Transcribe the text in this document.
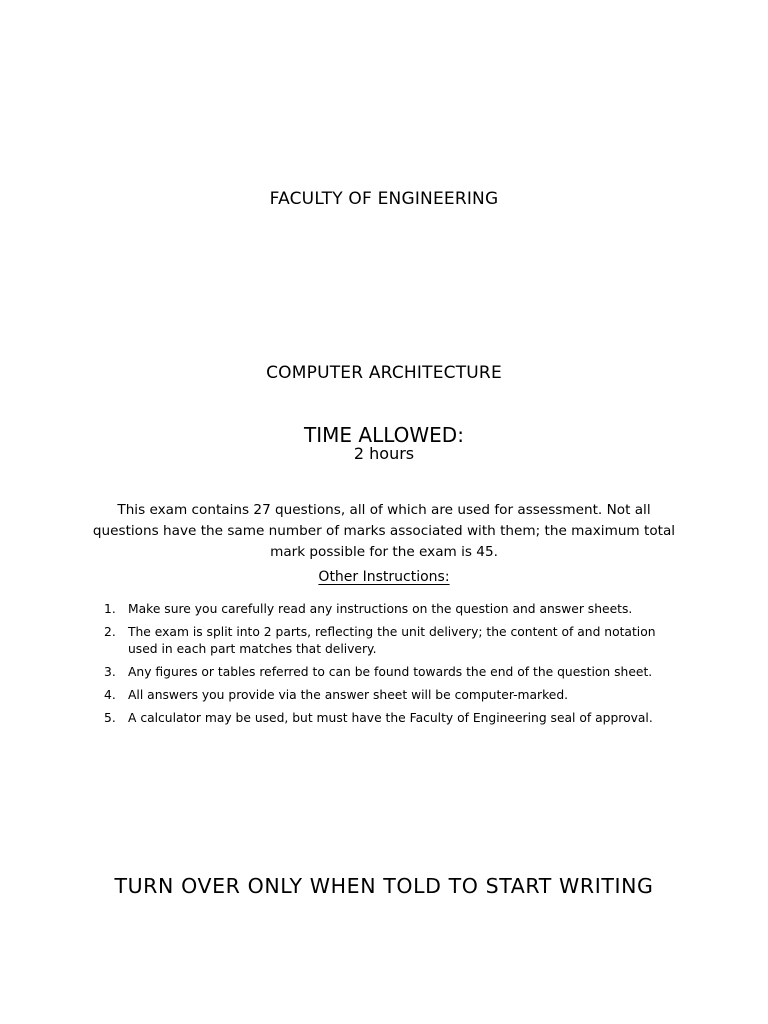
FACULTY OF ENGINEERING
COMPUTER ARCHITECTURE
TIME ALLOWED:
2 hours

This exam contains 27 questions, all of which are used for assessment. Not all questions have the same number of marks associated with them; the maximum total mark possible for the exam is 45.

Other Instructions:
1. Make sure you carefully read any instructions on the question and answer sheets.
2. The exam is split into 2 parts, reflecting the unit delivery; the content of and notation used in each part matches that delivery.
3. Any figures or tables referred to can be found towards the end of the question sheet.
4. All answers you provide via the answer sheet will be computer-marked.
5. A calculator may be used, but must have the Faculty of Engineering seal of approval.
TURN OVER ONLY WHEN TOLD TO START WRITING
